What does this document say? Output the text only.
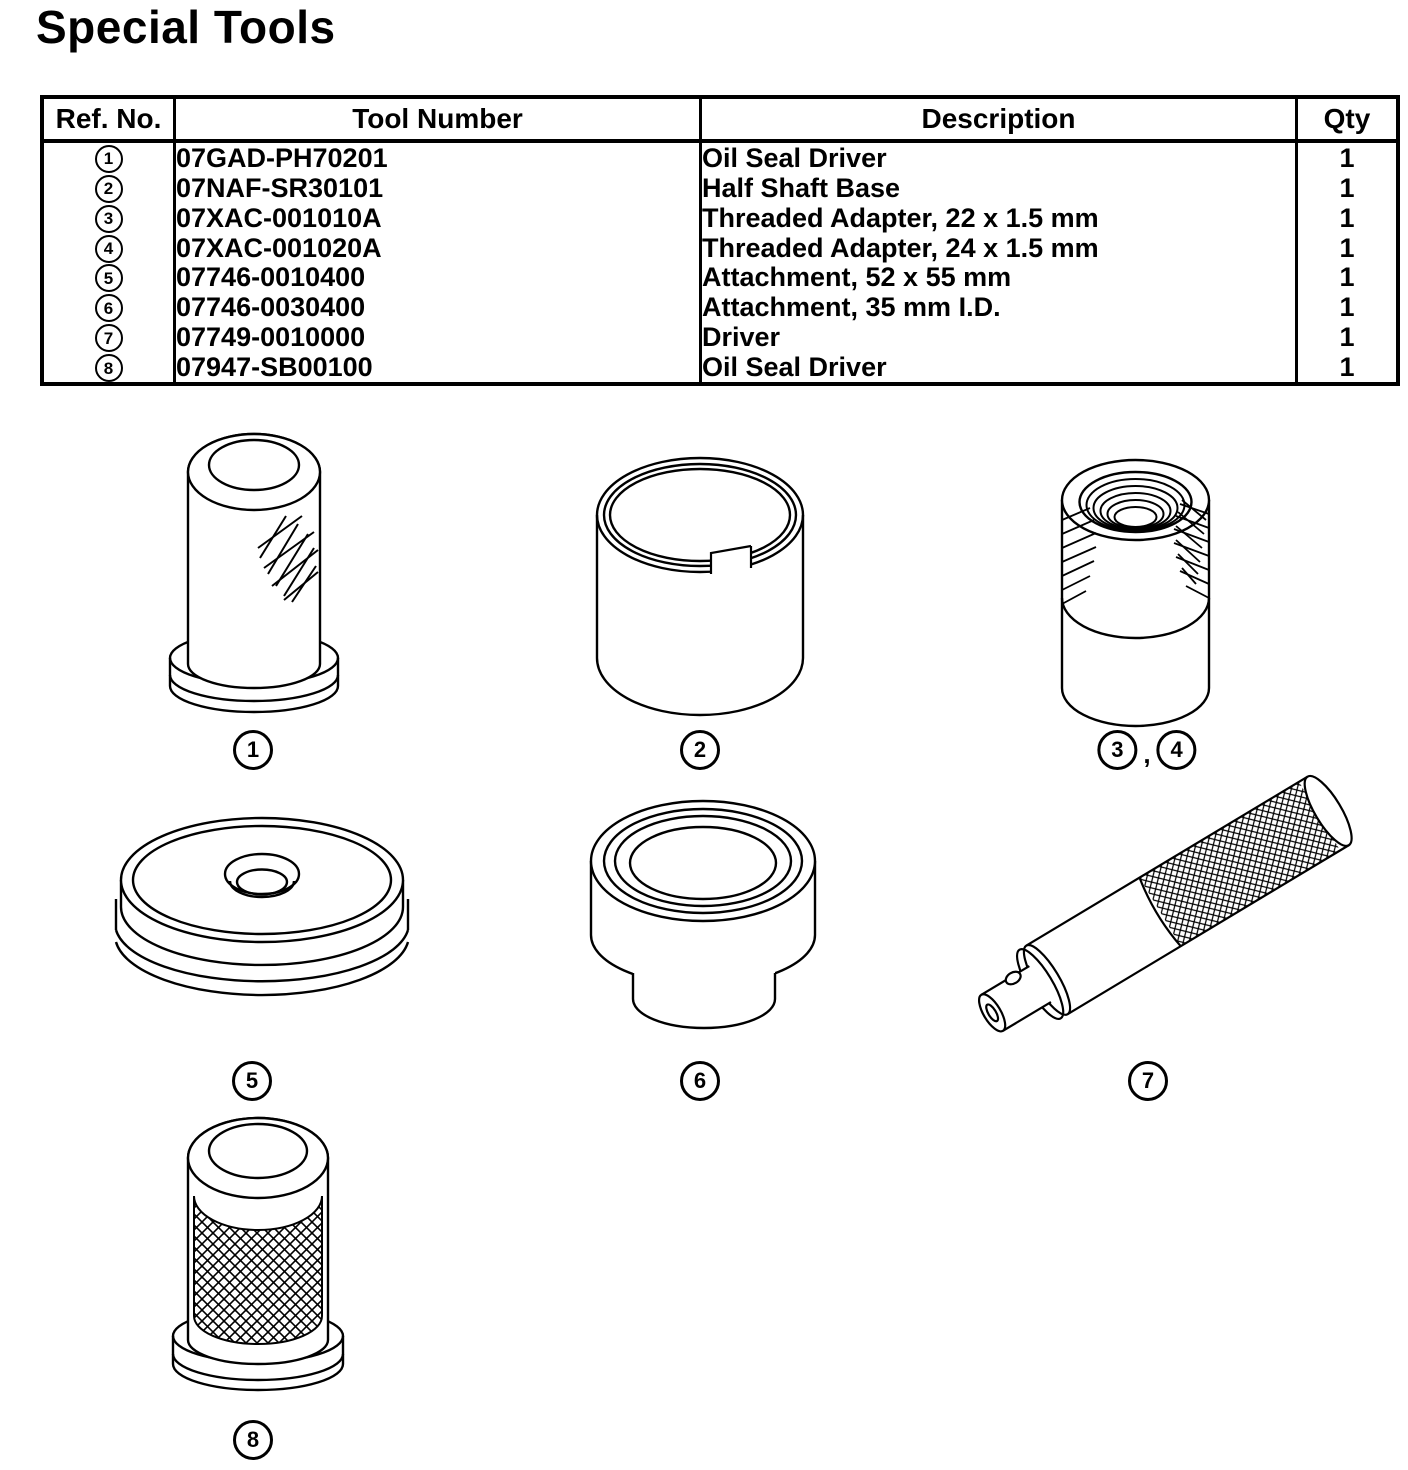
Special Tools
Ref. No.	Tool Number	Description	Qty
1	07GAD-PH70201	Oil Seal Driver	1
2	07NAF-SR30101	Half Shaft Base	1
3	07XAC-001010A	Threaded Adapter, 22 x 1.5 mm	1
4	07XAC-001020A	Threaded Adapter, 24 x 1.5 mm	1
5	07746-0010400	Attachment, 52 x 55 mm	1
6	07746-0030400	Attachment, 35 mm I.D.	1
7	07749-0010000	Driver	1
8	07947-SB00100	Oil Seal Driver	1
1	2	3 , 4
5	6	7
8
